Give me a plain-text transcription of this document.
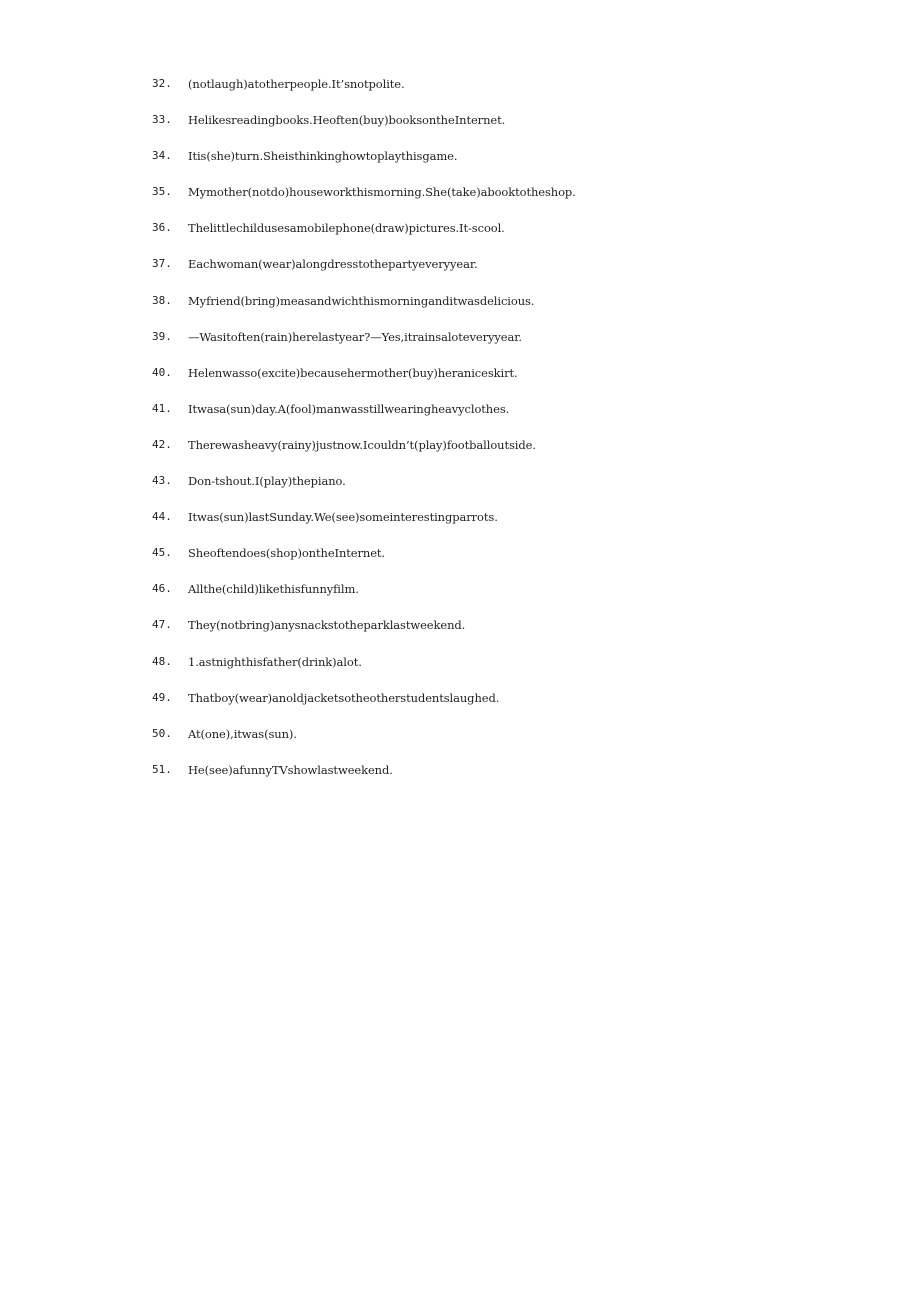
32.	(notlaugh)atotherpeople.It’snotpolite.
33.	Helikesreadingbooks.Heoften(buy)booksontheInternet.
34.	Itis(she)turn.Sheisthinkinghowtoplaythisgame.
35.	Mymother(notdo)houseworkthismorning.She(take)abooktotheshop.
36.	Thelittlechildusesamobilephone(draw)pictures.It‑scool.
37.	Eachwoman(wear)alongdresstothepartyeveryyear.
38.	Myfriend(bring)measandwichthismorninganditwasdelicious.
39.	—Wasitoften(rain)herelastyear?—Yes,itrainsaloteveryyear.
40.	Helenwasso(excite)becausehermother(buy)heraniceskirt.
41.	Itwasa(sun)day.A(fool)manwasstillwearingheavyclothes.
42.	Therewasheavy(rainy)justnow.Icouldn’t(play)footballoutside.
43.	Don‑tshout.I(play)thepiano.
44.	Itwas(sun)lastSunday.We(see)someinterestingparrots.
45.	Sheoftendoes(shop)ontheInternet.
46.	Allthe(child)likethisfunnyfilm.
47.	They(notbring)anysnackstotheparklastweekend.
48.	1.astnighthisfather(drink)alot.
49.	Thatboy(wear)anoldjacketsotheotherstudentslaughed.
50.	At(one),itwas(sun).
51.	He(see)afunnyTVshowlastweekend.
